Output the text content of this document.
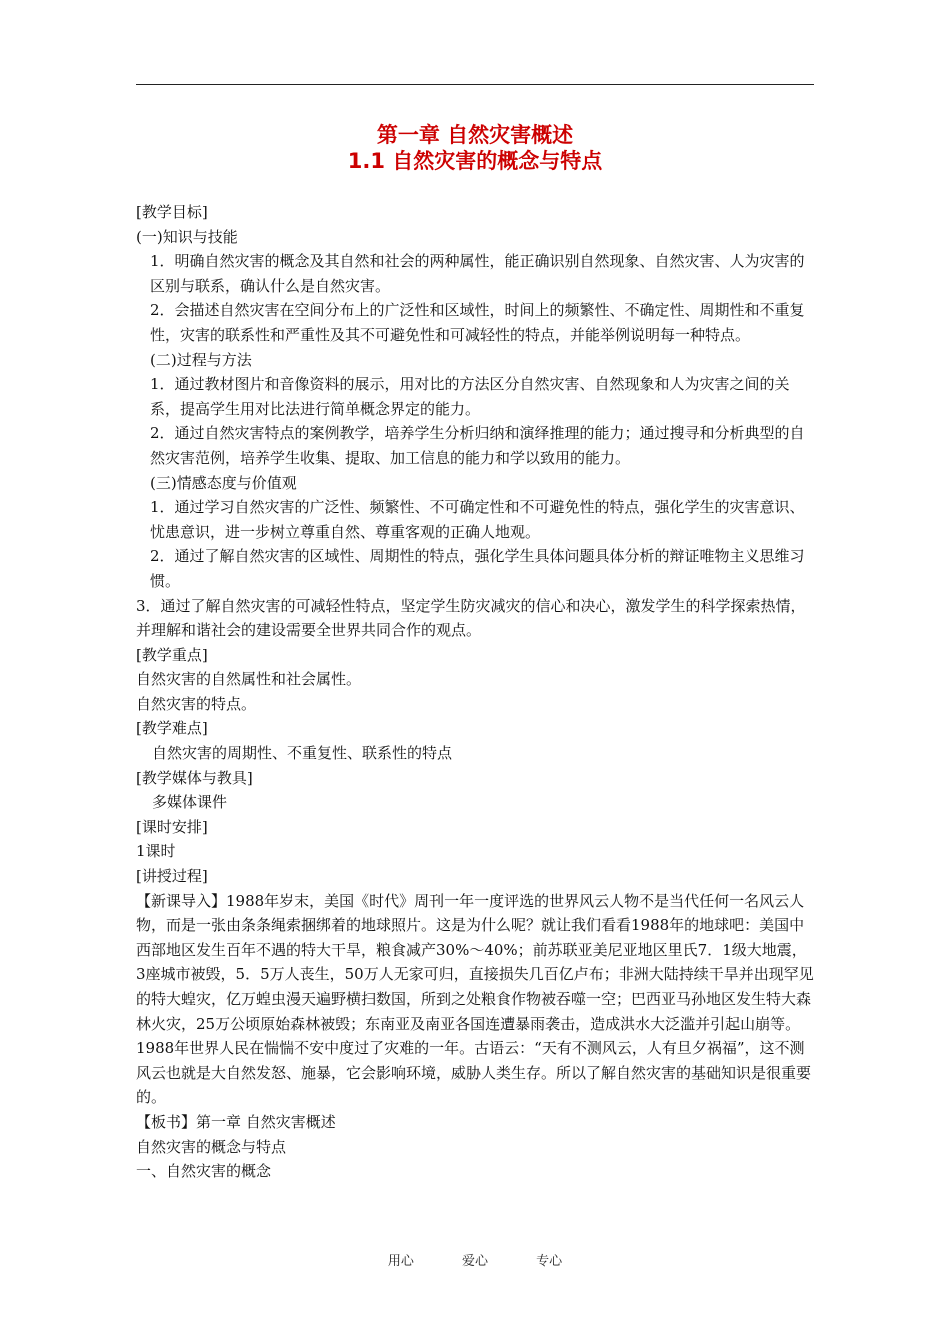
第一章 自然灾害概述
1.1 自然灾害的概念与特点

[教学目标]

(一)知识与技能

1．明确自然灾害的概念及其自然和社会的两种属性，能正确识别自然现象、自然灾害、人为灾害的区别与联系，确认什么是自然灾害。

2．会描述自然灾害在空间分布上的广泛性和区域性，时间上的频繁性、不确定性、周期性和不重复性，灾害的联系性和严重性及其不可避免性和可减轻性的特点，并能举例说明每一种特点。

(二)过程与方法

1．通过教材图片和音像资料的展示，用对比的方法区分自然灾害、自然现象和人为灾害之间的关系，提高学生用对比法进行简单概念界定的能力。

2．通过自然灾害特点的案例教学，培养学生分析归纳和演绎推理的能力；通过搜寻和分析典型的自然灾害范例，培养学生收集、提取、加工信息的能力和学以致用的能力。

(三)情感态度与价值观

1．通过学习自然灾害的广泛性、频繁性、不可确定性和不可避免性的特点，强化学生的灾害意识、忧患意识，进一步树立尊重自然、尊重客观的正确人地观。

2．通过了解自然灾害的区域性、周期性的特点，强化学生具体问题具体分析的辩证唯物主义思维习惯。

3．通过了解自然灾害的可减轻性特点，坚定学生防灾减灾的信心和决心，激发学生的科学探索热情，并理解和谐社会的建设需要全世界共同合作的观点。

[教学重点]

自然灾害的自然属性和社会属性。

自然灾害的特点。

[教学难点]

自然灾害的周期性、不重复性、联系性的特点

[教学媒体与教具]

多媒体课件

[课时安排]

1课时

[讲授过程]

【新课导入】1988年岁末，美国《时代》周刊一年一度评选的世界风云人物不是当代任何一名风云人物，而是一张由条条绳索捆绑着的地球照片。这是为什么呢？就让我们看看1988年的地球吧：美国中西部地区发生百年不遇的特大干旱，粮食减产30%～40%；前苏联亚美尼亚地区里氏7．1级大地震，3座城市被毁，5．5万人丧生，50万人无家可归，直接损失几百亿卢布；非洲大陆持续干旱并出现罕见的特大蝗灾，亿万蝗虫漫天遍野横扫数国，所到之处粮食作物被吞噬一空；巴西亚马孙地区发生特大森林火灾，25万公顷原始森林被毁；东南亚及南亚各国连遭暴雨袭击，造成洪水大泛滥并引起山崩等。1988年世界人民在惴惴不安中度过了灾难的一年。古语云：“天有不测风云，人有旦夕祸福”，这不测风云也就是大自然发怒、施暴，它会影响环境，威胁人类生存。所以了解自然灾害的基础知识是很重要的。

【板书】第一章 自然灾害概述

自然灾害的概念与特点

一、自然灾害的概念

用心	爱心	专心
